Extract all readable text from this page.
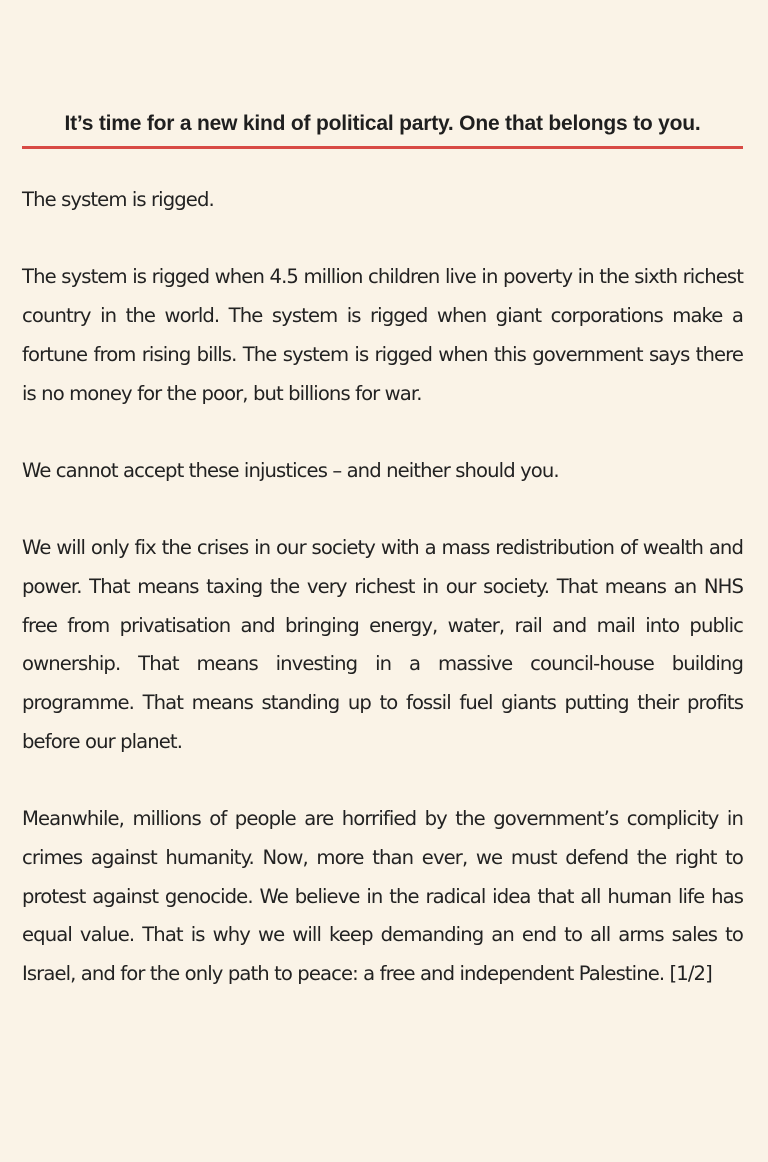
It’s time for a new kind of political party. One that belongs to you.

The system is rigged.

The system is rigged when 4.5 million children live in poverty in the sixth richest country in the world. The system is rigged when giant corporations make a fortune from rising bills. The system is rigged when this government says there is no money for the poor, but billions for war.

We cannot accept these injustices – and neither should you.

We will only fix the crises in our society with a mass redistribution of wealth and power. That means taxing the very richest in our society. That means an NHS free from privatisation and bringing energy, water, rail and mail into public ownership. That means investing in a massive council-house building programme. That means standing up to fossil fuel giants putting their profits before our planet.

Meanwhile, millions of people are horrified by the government’s complicity in crimes against humanity. Now, more than ever, we must defend the right to protest against genocide. We believe in the radical idea that all human life has equal value. That is why we will keep demanding an end to all arms sales to Israel, and for the only path to peace: a free and independent Palestine. [1/2]
